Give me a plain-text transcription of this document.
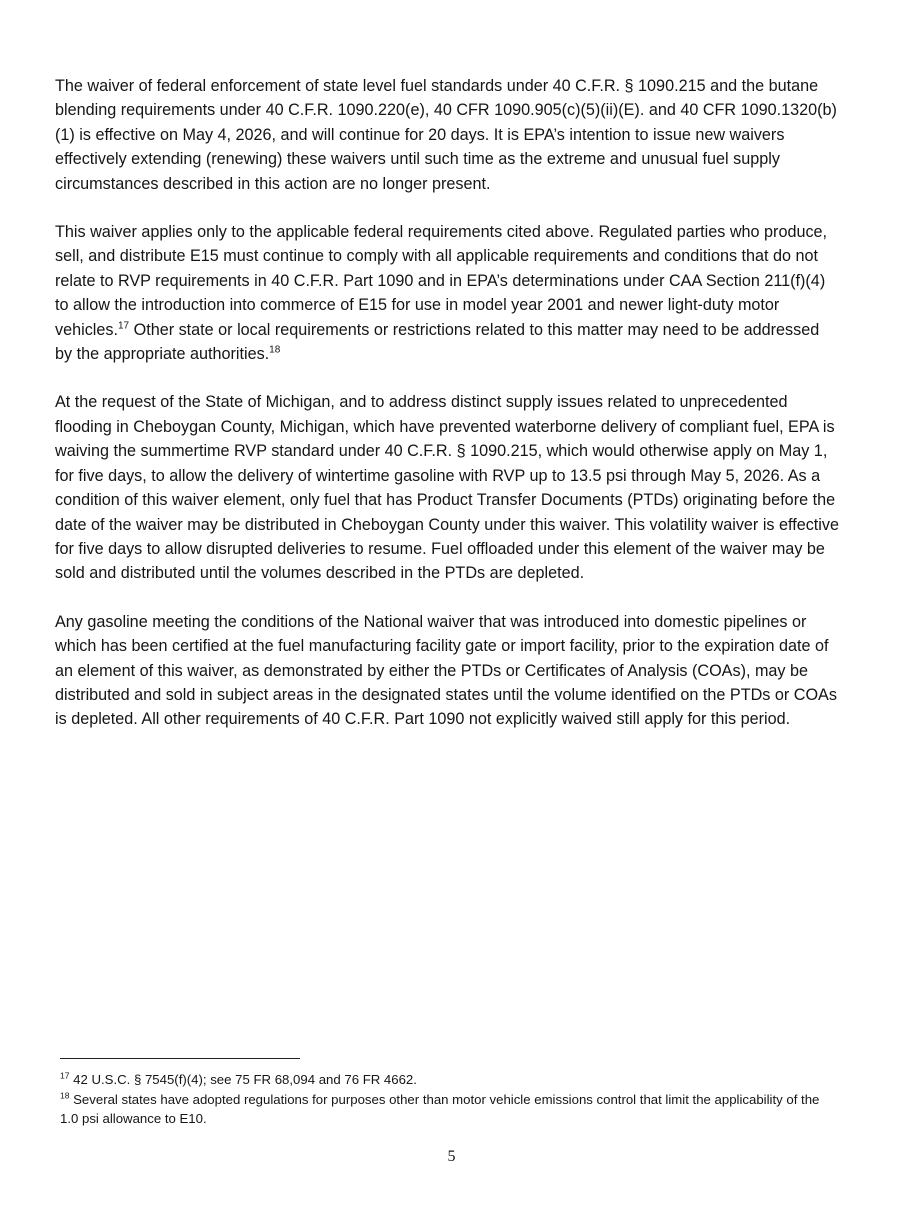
The waiver of federal enforcement of state level fuel standards under 40 C.F.R. § 1090.215 and the butane blending requirements under 40 C.F.R. 1090.220(e), 40 CFR 1090.905(c)(5)(ii)(E). and 40 CFR 1090.1320(b)(1) is effective on May 4, 2026, and will continue for 20 days. It is EPA’s intention to issue new waivers effectively extending (renewing) these waivers until such time as the extreme and unusual fuel supply circumstances described in this action are no longer present.

This waiver applies only to the applicable federal requirements cited above. Regulated parties who produce, sell, and distribute E15 must continue to comply with all applicable requirements and conditions that do not relate to RVP requirements in 40 C.F.R. Part 1090 and in EPA’s determinations under CAA Section 211(f)(4) to allow the introduction into commerce of E15 for use in model year 2001 and newer light-duty motor vehicles.$^{17}$ Other state or local requirements or restrictions related to this matter may need to be addressed by the appropriate authorities.$^{18}$

At the request of the State of Michigan, and to address distinct supply issues related to unprecedented flooding in Cheboygan County, Michigan, which have prevented waterborne delivery of compliant fuel, EPA is waiving the summertime RVP standard under 40 C.F.R. § 1090.215, which would otherwise apply on May 1, for five days, to allow the delivery of wintertime gasoline with RVP up to 13.5 psi through May 5, 2026. As a condition of this waiver element, only fuel that has Product Transfer Documents (PTDs) originating before the date of the waiver may be distributed in Cheboygan County under this waiver. This volatility waiver is effective for five days to allow disrupted deliveries to resume. Fuel offloaded under this element of the waiver may be sold and distributed until the volumes described in the PTDs are depleted.

Any gasoline meeting the conditions of the National waiver that was introduced into domestic pipelines or which has been certified at the fuel manufacturing facility gate or import facility, prior to the expiration date of an element of this waiver, as demonstrated by either the PTDs or Certificates of Analysis (COAs), may be distributed and sold in subject areas in the designated states until the volume identified on the PTDs or COAs is depleted. All other requirements of 40 C.F.R. Part 1090 not explicitly waived still apply for this period.

$^{17}$ 42 U.S.C. § 7545(f)(4); see 75 FR 68,094 and 76 FR 4662.

$^{18}$ Several states have adopted regulations for purposes other than motor vehicle emissions control that limit the applicability of the 1.0 psi allowance to E10.

5
